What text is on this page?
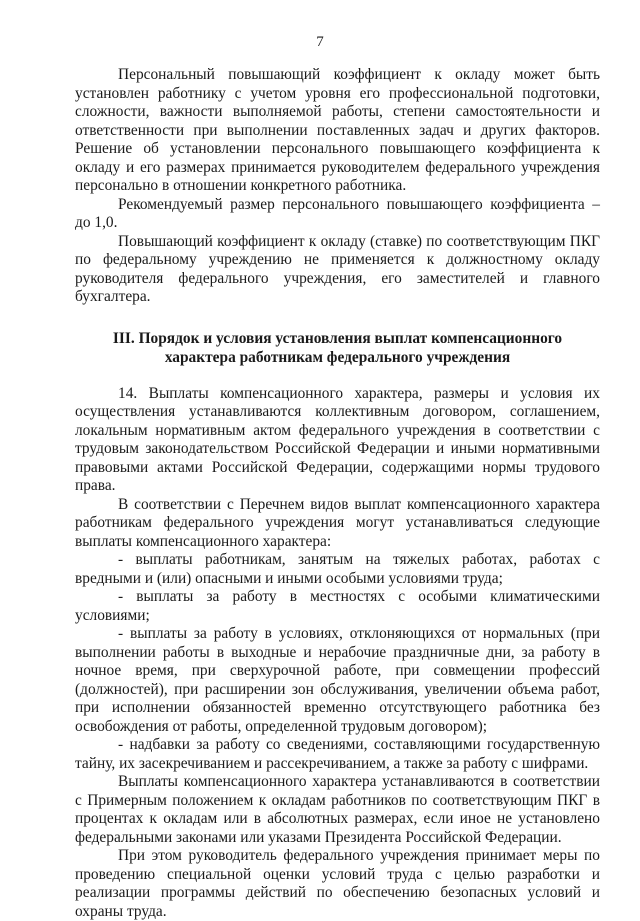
7

Персональный повышающий коэффициент к окладу может быть установлен работнику с учетом уровня его профессиональной подготовки, сложности, важности выполняемой работы, степени самостоятельности и ответственности при выполнении поставленных задач и других факторов. Решение об установлении персонального повышающего коэффициента к окладу и его размерах принимается руководителем федерального учреждения персонально в отношении конкретного работника.

Рекомендуемый размер персонального повышающего коэффициента – до 1,0.

Повышающий коэффициент к окладу (ставке) по соответствующим ПКГ по федеральному учреждению не применяется к должностному окладу руководителя федерального учреждения, его заместителей и главного бухгалтера.

III. Порядок и условия установления выплат компенсационного характера работникам федерального учреждения

14. Выплаты компенсационного характера, размеры и условия их осуществления устанавливаются коллективным договором, соглашением, локальным нормативным актом федерального учреждения в соответствии с трудовым законодательством Российской Федерации и иными нормативными правовыми актами Российской Федерации, содержащими нормы трудового права.

В соответствии с Перечнем видов выплат компенсационного характера работникам федерального учреждения могут устанавливаться следующие выплаты компенсационного характера:

- выплаты работникам, занятым на тяжелых работах, работах с вредными и (или) опасными и иными особыми условиями труда;

- выплаты за работу в местностях с особыми климатическими условиями;

- выплаты за работу в условиях, отклоняющихся от нормальных (при выполнении работы в выходные и нерабочие праздничные дни, за работу в ночное время, при сверхурочной работе, при совмещении профессий (должностей), при расширении зон обслуживания, увеличении объема работ, при исполнении обязанностей временно отсутствующего работника без освобождения от работы, определенной трудовым договором);

- надбавки за работу со сведениями, составляющими государственную тайну, их засекречиванием и рассекречиванием, а также за работу с шифрами.

Выплаты компенсационного характера устанавливаются в соответствии с Примерным положением к окладам работников по соответствующим ПКГ в процентах к окладам или в абсолютных размерах, если иное не установлено федеральными законами или указами Президента Российской Федерации.

При этом руководитель федерального учреждения принимает меры по проведению специальной оценки условий труда с целью разработки и реализации программы действий по обеспечению безопасных условий и охраны труда.
